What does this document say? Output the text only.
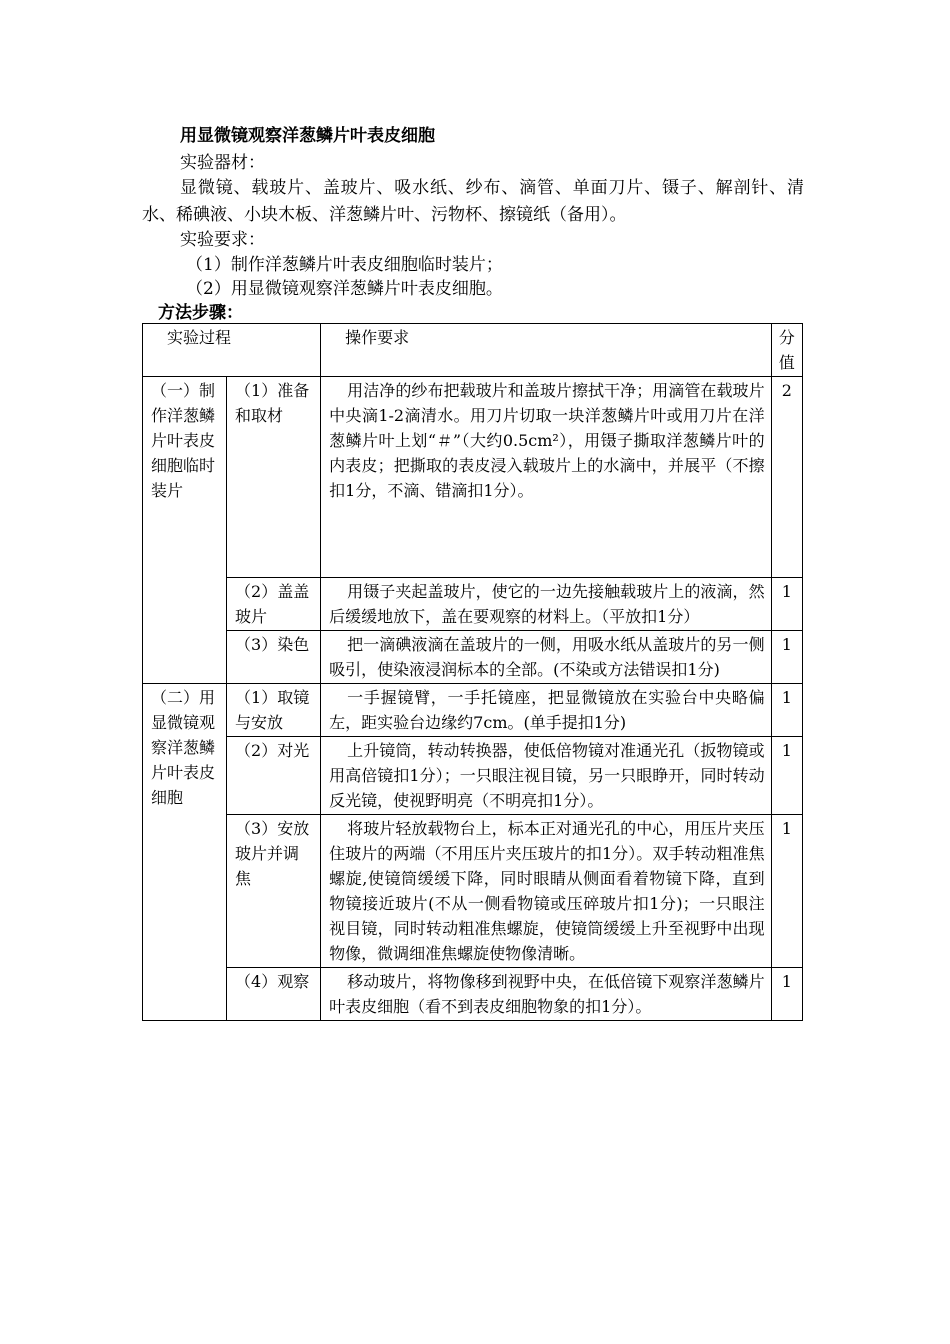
用显微镜观察洋葱鳞片叶表皮细胞
实验器材：
显微镜、载玻片、盖玻片、吸水纸、纱布、滴管、单面刀片、镊子、解剖针、清水、稀碘液、小块木板、洋葱鳞片叶、污物杯、擦镜纸（备用）。
实验要求：
（1）制作洋葱鳞片叶表皮细胞临时装片；
（2）用显微镜观察洋葱鳞片叶表皮细胞。
方法步骤：
实验过程		操作要求	分值
（一）制作洋葱鳞片叶表皮细胞临时装片	（1）准备和取材	用洁净的纱布把载玻片和盖玻片擦拭干净；用滴管在载玻片中央滴1-2滴清水。用刀片切取一块洋葱鳞片叶或用刀片在洋葱鳞片叶上划“＃”（大约0.5cm²），用镊子撕取洋葱鳞片叶的内表皮；把撕取的表皮浸入载玻片上的水滴中，并展平（不擦扣1分，不滴、错滴扣1分）。	2
	（2）盖盖玻片	用镊子夹起盖玻片，使它的一边先接触载玻片上的液滴，然后缓缓地放下，盖在要观察的材料上。（平放扣1分）	1
	（3）染色	把一滴碘液滴在盖玻片的一侧，用吸水纸从盖玻片的另一侧吸引，使染液浸润标本的全部。(不染或方法错误扣1分)	1
（二）用显微镜观察洋葱鳞片叶表皮细胞	（1）取镜与安放	一手握镜臂，一手托镜座，把显微镜放在实验台中央略偏左，距实验台边缘约7cm。(单手提扣1分)	1
	（2）对光	上升镜筒，转动转换器，使低倍物镜对准通光孔（扳物镜或用高倍镜扣1分）；一只眼注视目镜，另一只眼睁开，同时转动反光镜，使视野明亮（不明亮扣1分）。	1
	（3）安放玻片并调焦	将玻片轻放载物台上，标本正对通光孔的中心，用压片夹压住玻片的两端（不用压片夹压玻片的扣1分）。双手转动粗准焦螺旋,使镜筒缓缓下降，同时眼睛从侧面看着物镜下降，直到物镜接近玻片(不从一侧看物镜或压碎玻片扣1分)；一只眼注视目镜，同时转动粗准焦螺旋，使镜筒缓缓上升至视野中出现物像，微调细准焦螺旋使物像清晰。	1
	（4）观察	移动玻片，将物像移到视野中央，在低倍镜下观察洋葱鳞片叶表皮细胞（看不到表皮细胞物象的扣1分）。	1
